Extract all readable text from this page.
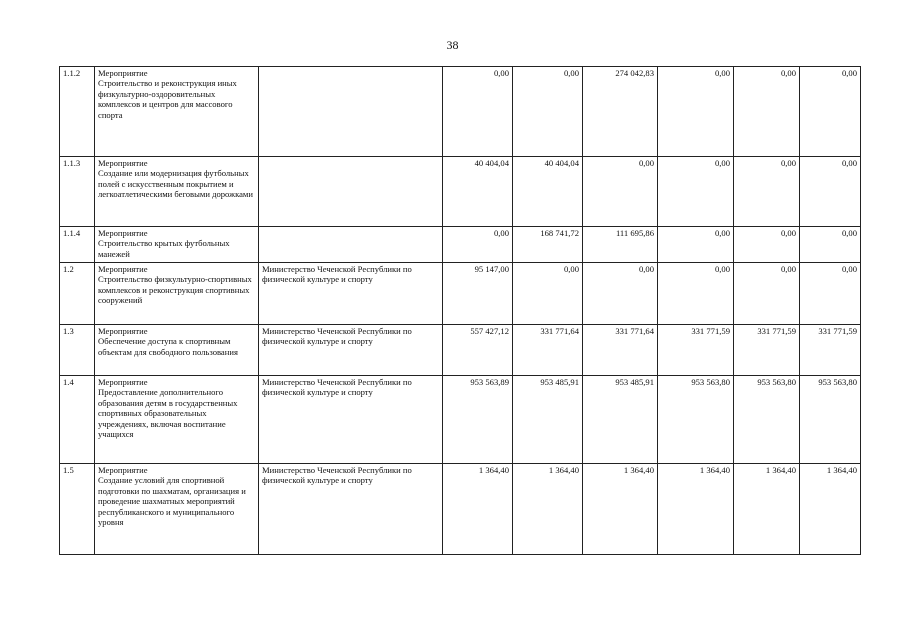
38
1.1.2	Мероприятие
Строительство и реконструкция иных физкультурно-оздоровительных комплексов и центров для массового спорта		0,00	0,00	274 042,83	0,00	0,00	0,00
1.1.3	Мероприятие
Создание или модернизация футбольных полей с искусственным покрытием и легкоатлетическими беговыми дорожками		40 404,04	40 404,04	0,00	0,00	0,00	0,00
1.1.4	Мероприятие
Строительство крытых футбольных манежей		0,00	168 741,72	111 695,86	0,00	0,00	0,00
1.2	Мероприятие
Строительство физкультурно-спортивных комплексов и реконструкция спортивных сооружений	Министерство Чеченской Республики по физической культуре и спорту	95 147,00	0,00	0,00	0,00	0,00	0,00
1.3	Мероприятие
Обеспечение доступа к спортивным объектам для свободного пользования	Министерство Чеченской Республики по физической культуре и спорту	557 427,12	331 771,64	331 771,64	331 771,59	331 771,59	331 771,59
1.4	Мероприятие
Предоставление дополнительного образования детям в государственных спортивных образовательных учреждениях, включая воспитание учащихся	Министерство Чеченской Республики по физической культуре и спорту	953 563,89	953 485,91	953 485,91	953 563,80	953 563,80	953 563,80
1.5	Мероприятие
Создание условий для спортивной подготовки по шахматам, организация и проведение шахматных мероприятий республиканского и муниципального уровня	Министерство Чеченской Республики по физической культуре и спорту	1 364,40	1 364,40	1 364,40	1 364,40	1 364,40	1 364,40
